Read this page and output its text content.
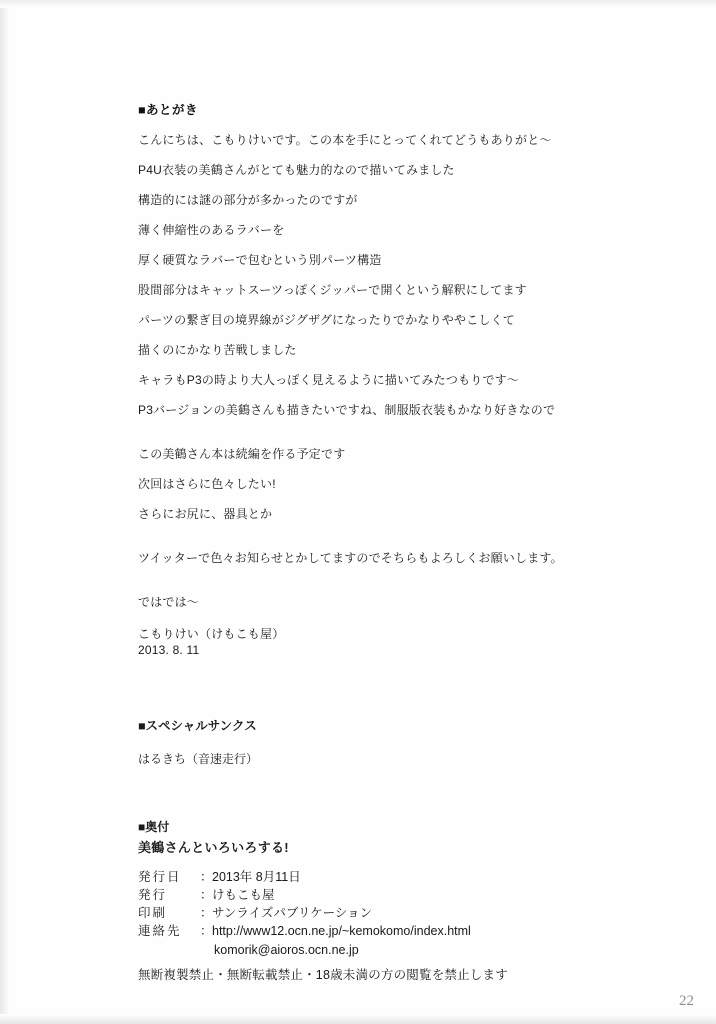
■あとがき

こんにちは、こもりけいです。この本を手にとってくれてどうもありがと～

P4U衣装の美鶴さんがとても魅力的なので描いてみました

構造的には謎の部分が多かったのですが

薄く伸縮性のあるラバーを

厚く硬質なラバーで包むという別パーツ構造

股間部分はキャットスーツっぽくジッパーで開くという解釈にしてます

パーツの繋ぎ目の境界線がジグザグになったりでかなりややこしくて

描くのにかなり苦戦しました

キャラもP3の時より大人っぽく見えるように描いてみたつもりです～

P3バージョンの美鶴さんも描きたいですね、制服版衣装もかなり好きなので

この美鶴さん本は続編を作る予定です

次回はさらに色々したい!

さらにお尻に、器具とか

ツイッターで色々お知らせとかしてますのでそちらもよろしくお願いします。

ではでは～

こもりけい（けもこも屋）

2013. 8. 11

■スペシャルサンクス

はるきち（音速走行）

■奥付

美鶴さんといろいろする!

発行日	： 2013年 8月11日
発行	： けもこも屋
印刷	： サンライズパブリケーション
連絡先	： http://www12.ocn.ne.jp/~kemokomo/index.html
komorik@aioros.ocn.ne.jp

無断複製禁止・無断転載禁止・18歳未満の方の閲覧を禁止します

22
